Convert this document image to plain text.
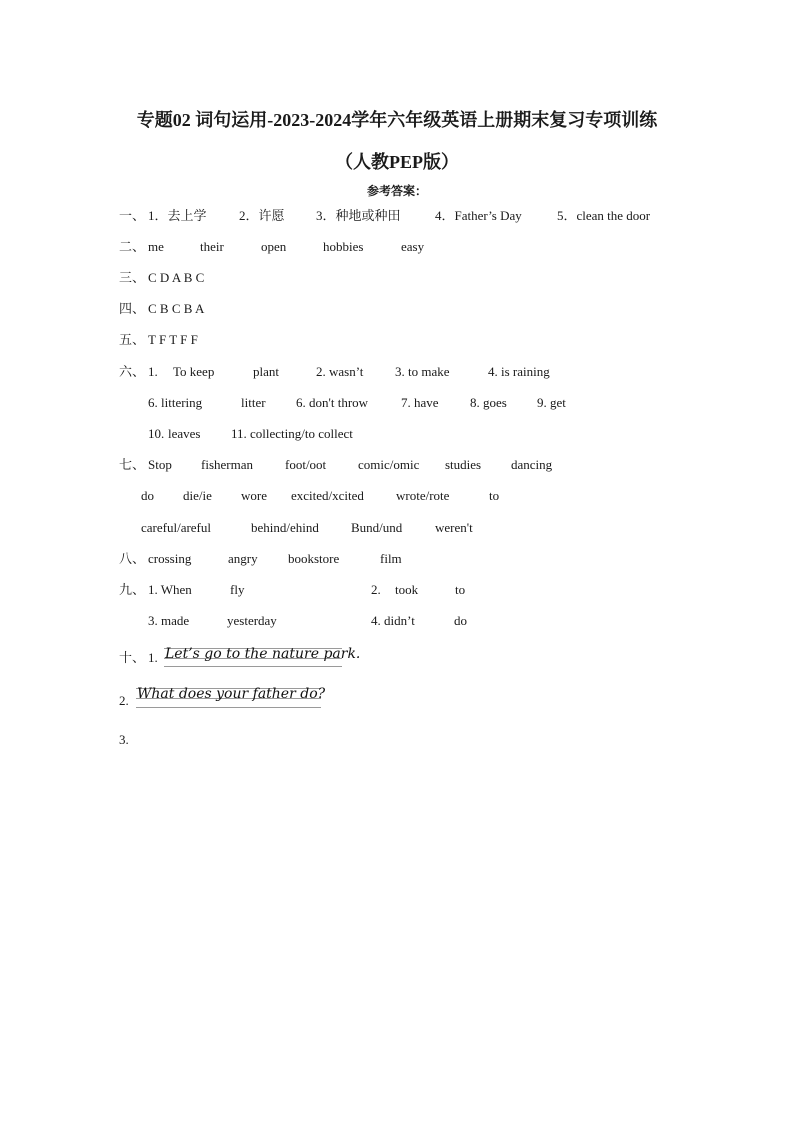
专题02 词句运用-2023-2024学年六年级英语上册期末复习专项训练
（人教PEP版）
参考答案：
一、 1．去上学 2．许愿 3．种地或种田	4．Father’s Day	5．clean the door
二、 me	their	open	hobbies	easy
三、 C D A B C
四、 C B C B A
五、 T F T F F
六、 1. To keep	plant	2. wasn’t 3. to make	4. is raining
6. littering	litter 6. don't throw	7. have 8. goes 9. get
10. leaves 11. collecting/to collect
七、 Stop fisherman foot/oot comic/omic studies dancing
do die/ie wore excited/xcited wrote/rote	to
careful/areful	behind/ehind Bund/und	weren't
八、 crossing	angry bookstore	film
九、 1. When	fly	2. took	to
3. made	yesterday	4. didn’t	do
十、 1. Let’s go to the nature park.
2. What does your father do?
3.
